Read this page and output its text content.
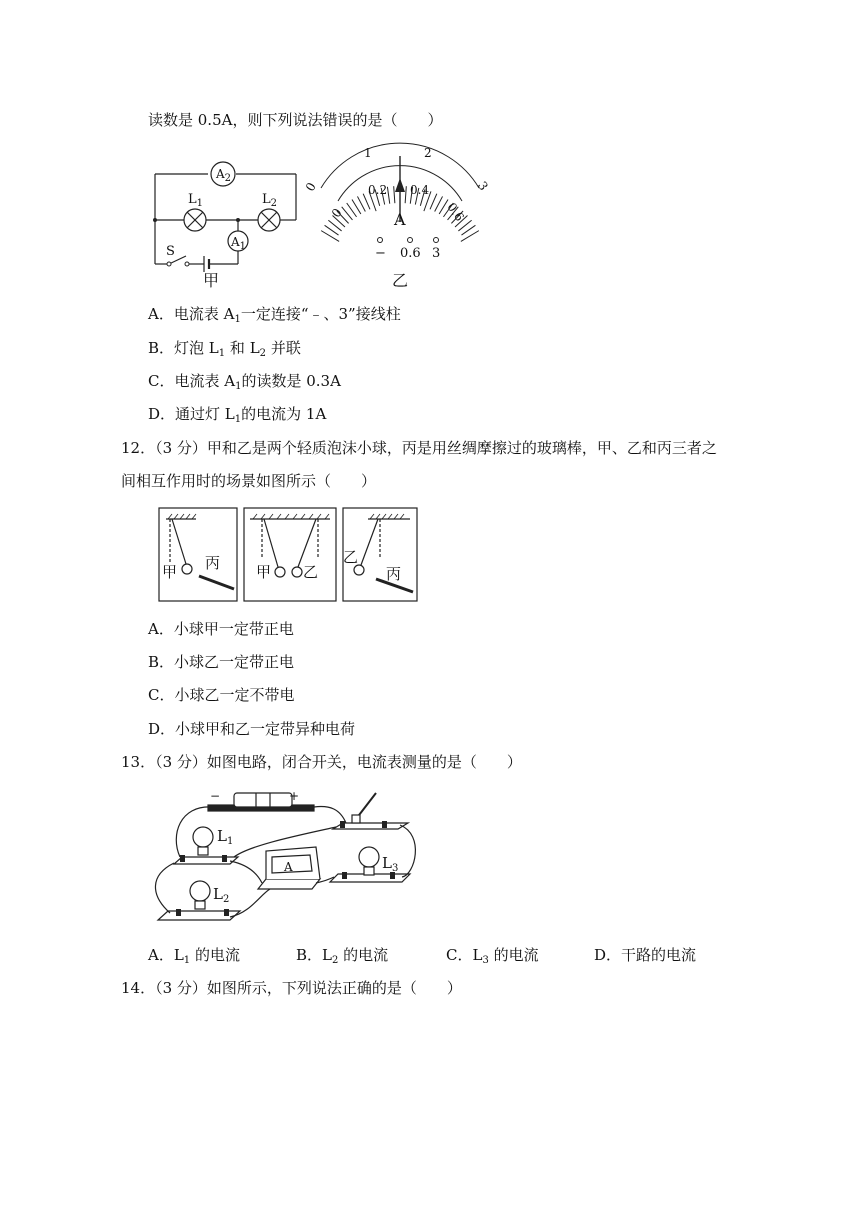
读数是 0.5A，则下列说法错误的是（　　）
$A_2$
$L_1$	$L_2$
$A_1$
S
甲
0
1	2
3
0
0.2 0.4
0.6
A
− 0.6 3
乙
A．电流表 $A_1$一定连接“﹣、3”接线柱
B．灯泡 $L_1$ 和 $L_2$ 并联
C．电流表 $A_1$的读数是 0.3A
D．通过灯 $L_1$的电流为 1A
12．（3 分）甲和乙是两个轻质泡沫小球，丙是用丝绸摩擦过的玻璃棒，甲、乙和丙三者之
间相互作用时的场景如图所示（　　）
甲 丙 甲 乙
乙
丙
A．小球甲一定带正电
B．小球乙一定带正电
C．小球乙一定不带电
D．小球甲和乙一定带异种电荷
13．（3 分）如图电路，闭合开关，电流表测量的是（　　）
−	+
$L_1$
$L_2$
$L_3$
A
A．$L_1$ 的电流	B．$L_2$ 的电流	C．$L_3$ 的电流	D．干路的电流
14．（3 分）如图所示，下列说法正确的是（　　）
